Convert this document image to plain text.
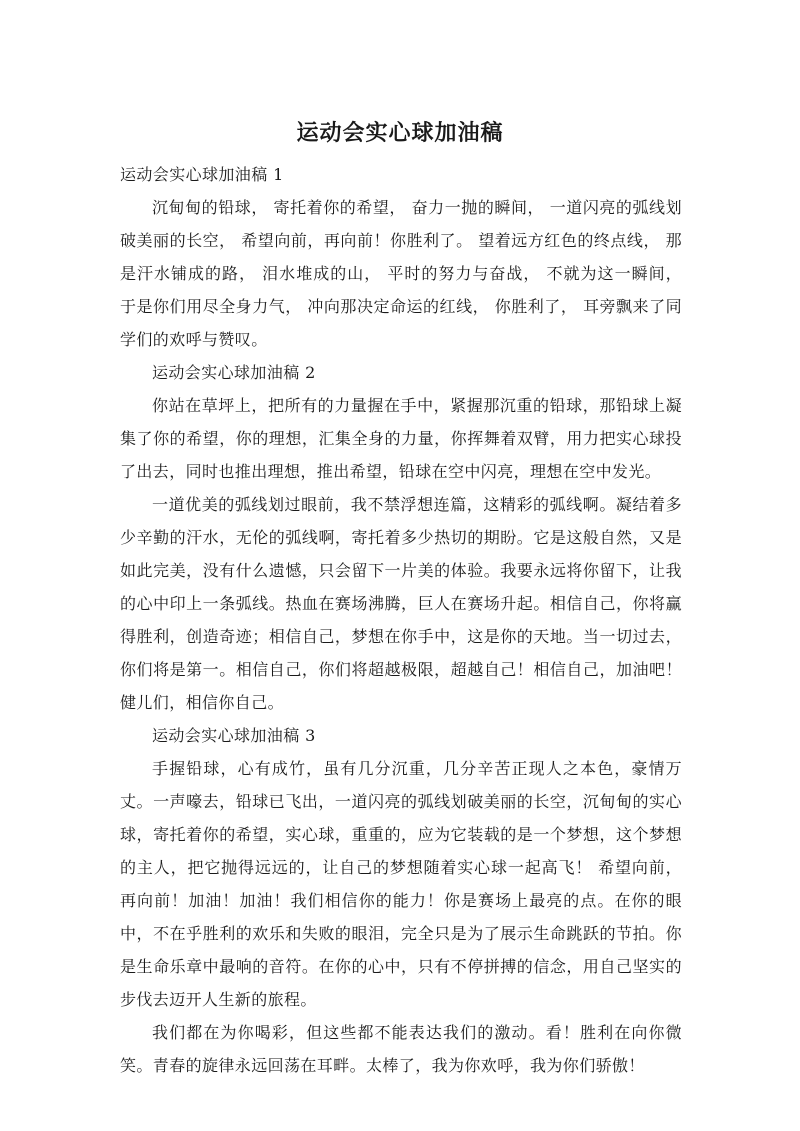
运动会实心球加油稿

运动会实心球加油稿 1

沉甸甸的铅球， 寄托着你的希望， 奋力一抛的瞬间， 一道闪亮的弧线划破美丽的长空， 希望向前，再向前！你胜利了。 望着远方红色的终点线， 那是汗水铺成的路， 泪水堆成的山， 平时的努力与奋战， 不就为这一瞬间， 于是你们用尽全身力气， 冲向那决定命运的红线， 你胜利了， 耳旁飘来了同学们的欢呼与赞叹。

运动会实心球加油稿 2

你站在草坪上，把所有的力量握在手中，紧握那沉重的铅球，那铅球上凝集了你的希望，你的理想，汇集全身的力量，你挥舞着双臂，用力把实心球投了出去，同时也推出理想，推出希望，铅球在空中闪亮，理想在空中发光。

一道优美的弧线划过眼前，我不禁浮想连篇，这精彩的弧线啊。凝结着多少辛勤的汗水，无伦的弧线啊，寄托着多少热切的期盼。它是这般自然，又是如此完美，没有什么遗憾，只会留下一片美的体验。我要永远将你留下，让我的心中印上一条弧线。热血在赛场沸腾，巨人在赛场升起。相信自己，你将赢得胜利，创造奇迹；相信自己，梦想在你手中，这是你的天地。当一切过去，你们将是第一。相信自己，你们将超越极限，超越自己！相信自己，加油吧！健儿们，相信你自己。

运动会实心球加油稿 3

手握铅球，心有成竹，虽有几分沉重，几分辛苦正现人之本色，豪情万丈。一声嚎去，铅球已飞出，一道闪亮的弧线划破美丽的长空，沉甸甸的实心球，寄托着你的希望，实心球，重重的，应为它装载的是一个梦想，这个梦想的主人，把它抛得远远的，让自己的梦想随着实心球一起高飞！ 希望向前，再向前！加油！加油！我们相信你的能力！你是赛场上最亮的点。在你的眼中，不在乎胜利的欢乐和失败的眼泪，完全只是为了展示生命跳跃的节拍。你是生命乐章中最响的音符。在你的心中，只有不停拼搏的信念，用自己坚实的步伐去迈开人生新的旅程。

我们都在为你喝彩，但这些都不能表达我们的激动。看！胜利在向你微笑。青春的旋律永远回荡在耳畔。太棒了，我为你欢呼，我为你们骄傲！
